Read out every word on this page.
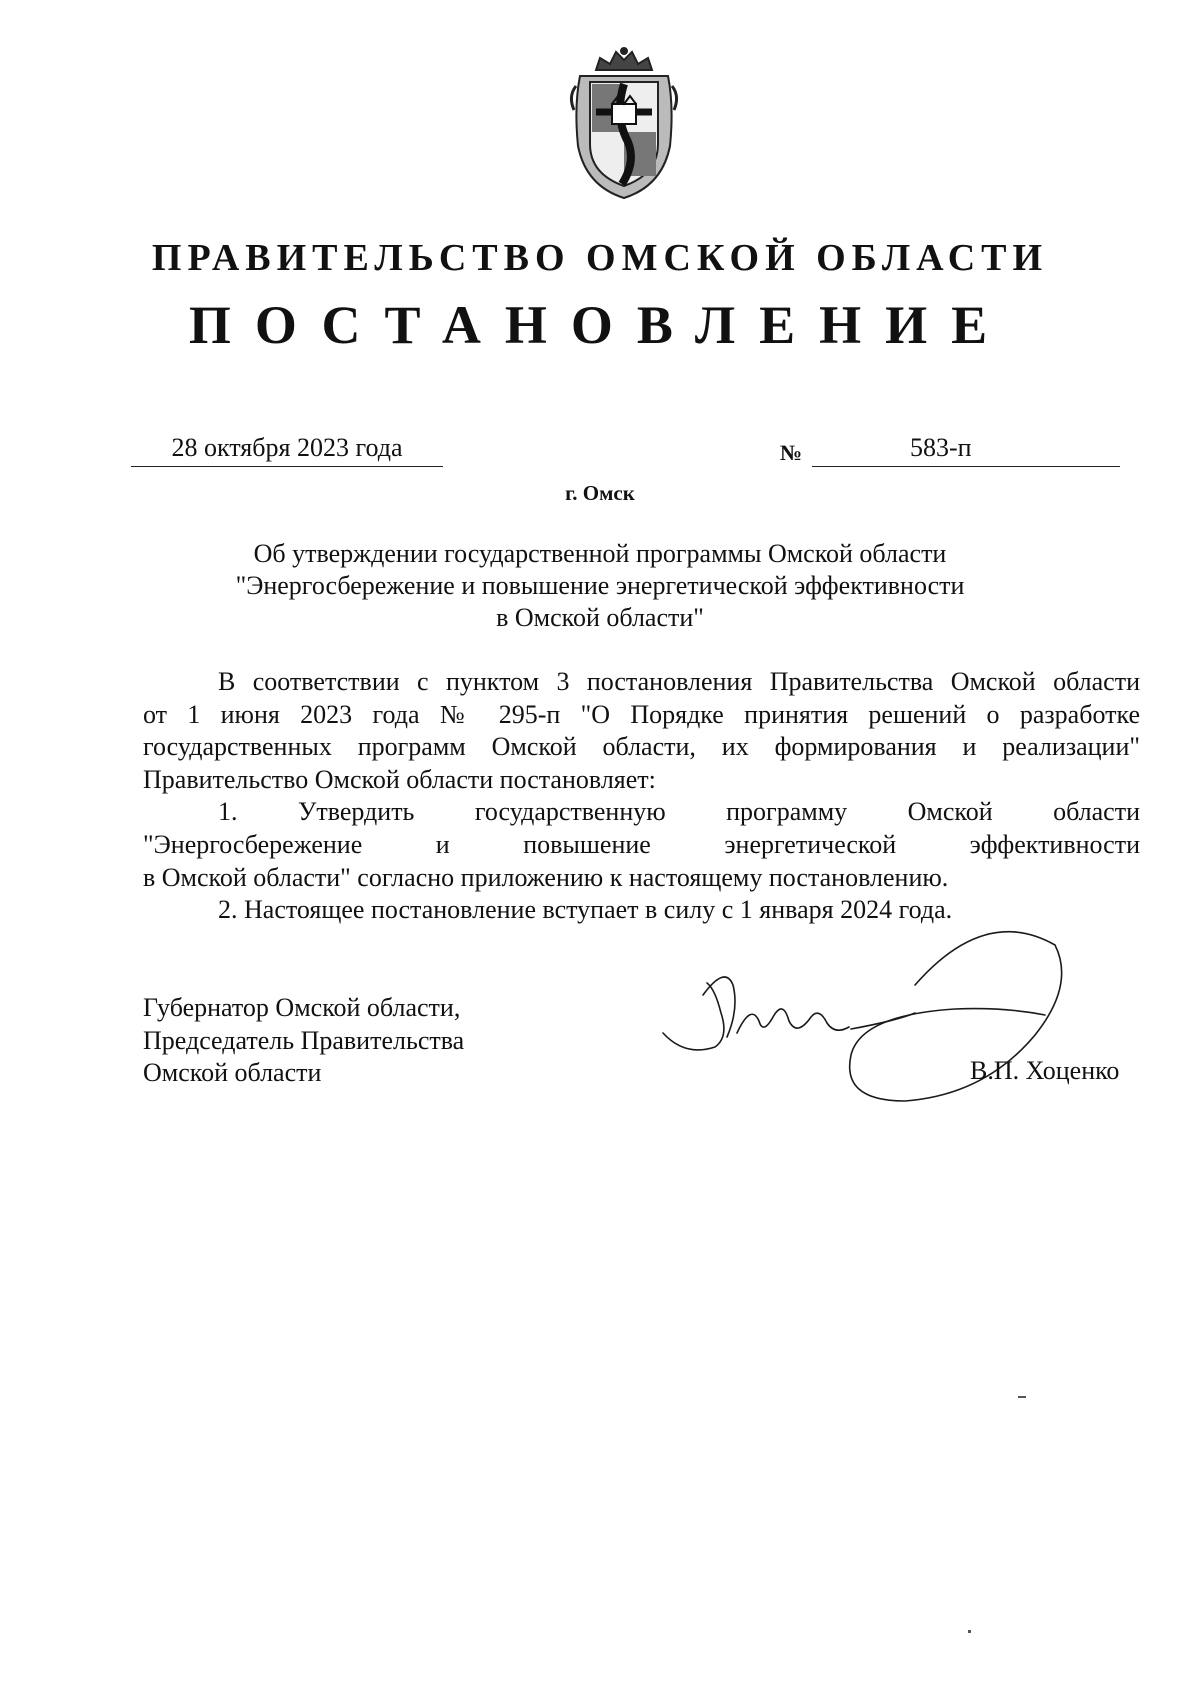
ПРАВИТЕЛЬСТВО ОМСКОЙ ОБЛАСТИ
ПОСТАНОВЛЕНИЕ
28 октября 2023 года	№	583-п
г. Омск
Об утверждении государственной программы Омской области
"Энергосбережение и повышение энергетической эффективности
в Омской области"
В соответствии с пунктом 3 постановления Правительства Омской области
от 1 июня 2023 года № 295-п "О Порядке принятия решений о разработке
государственных программ Омской области, их формирования и реализации"
Правительство Омской области постановляет:
1. Утвердить государственную программу Омской области
"Энергосбережение и повышение энергетической эффективности
в Омской области" согласно приложению к настоящему постановлению.
2. Настоящее постановление вступает в силу с 1 января 2024 года.
Губернатор Омской области,
Председатель Правительства
Омской области	В.П. Хоценко
